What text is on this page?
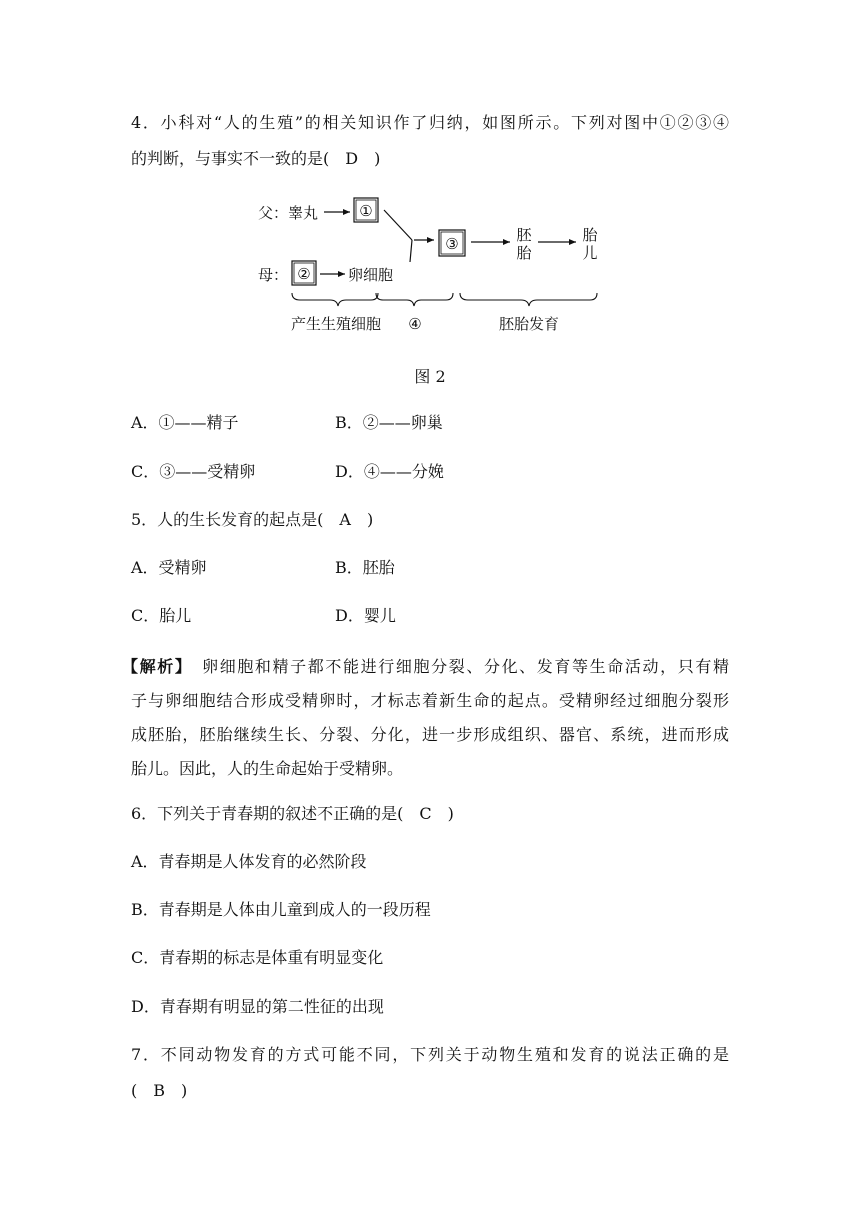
4．小科对“人的生殖”的相关知识作了归纳，如图所示。下列对图中①②③④
的判断，与事实不一致的是(　D　)
父：睾丸	①
母： ② 卵细胞
③	胚
胎
胎
儿
产生生殖细胞 ④	胚胎发育
图 2
A．①——精子	B．②——卵巢
C．③——受精卵	D．④——分娩
5．人的生长发育的起点是(　A　)
A．受精卵	B．胚胎
C．胎儿	D．婴儿
【解析】 卵细胞和精子都不能进行细胞分裂、分化、发育等生命活动，只有精
子与卵细胞结合形成受精卵时，才标志着新生命的起点。受精卵经过细胞分裂形
成胚胎，胚胎继续生长、分裂、分化，进一步形成组织、器官、系统，进而形成
胎儿。因此，人的生命起始于受精卵。
6．下列关于青春期的叙述不正确的是(　C　)
A．青春期是人体发育的必然阶段
B．青春期是人体由儿童到成人的一段历程
C．青春期的标志是体重有明显变化
D．青春期有明显的第二性征的出现
7．不同动物发育的方式可能不同，下列关于动物生殖和发育的说法正确的是
(　B　)
